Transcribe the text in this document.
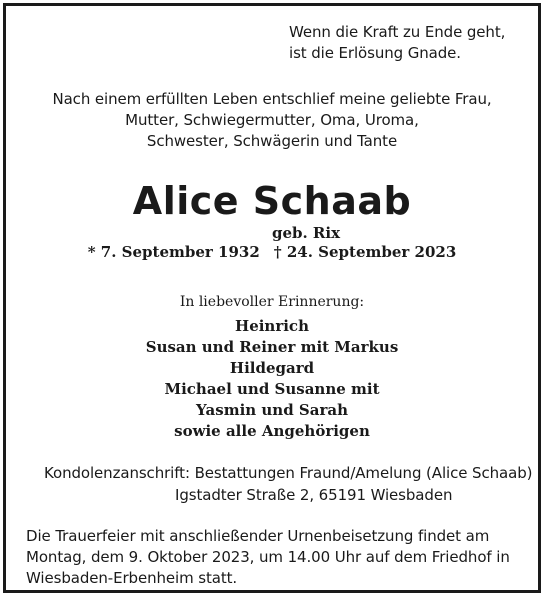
Wenn die Kraft zu Ende geht,
ist die Erlösung Gnade.
Nach einem erfüllten Leben entschlief meine geliebte Frau,
Mutter, Schwiegermutter, Oma, Uroma,
Schwester, Schwägerin und Tante
Alice Schaab
geb. Rix
* 7. September 1932 † 24. September 2023
In liebevoller Erinnerung:
Heinrich
Susan und Reiner mit Markus
Hildegard
Michael und Susanne mit
Yasmin und Sarah
sowie alle Angehörigen
Kondolenzanschrift: Bestattungen Fraund/Amelung (Alice Schaab)
Igstadter Straße 2, 65191 Wiesbaden
Die Trauerfeier mit anschließender Urnenbeisetzung findet am
Montag, dem 9. Oktober 2023, um 14.00 Uhr auf dem Friedhof in
Wiesbaden-Erbenheim statt.
